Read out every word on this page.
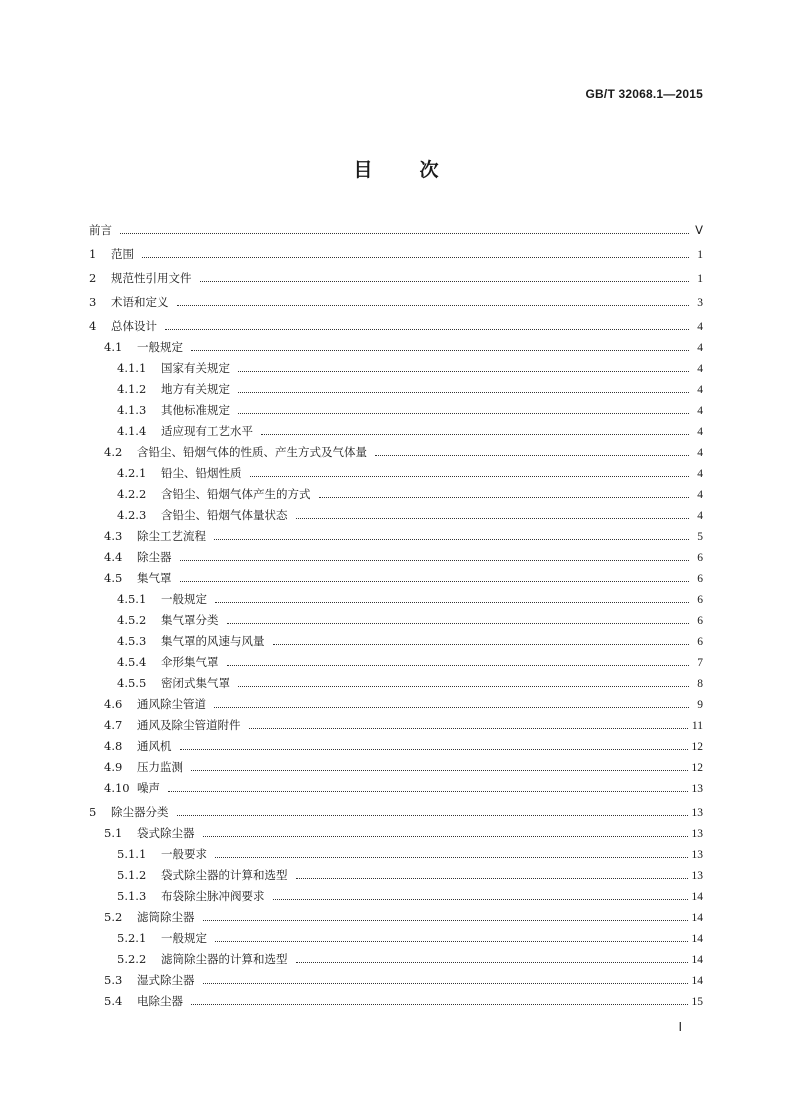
GB/T 32068.1—2015
目 次
前言	Ⅴ
1	范围	1
2	规范性引用文件	1
3	术语和定义	3
4	总体设计	4
4.1	一般规定	4
4.1.1	国家有关规定	4
4.1.2	地方有关规定	4
4.1.3	其他标准规定	4
4.1.4	适应现有工艺水平	4
4.2	含铅尘、铅烟气体的性质、产生方式及气体量	4
4.2.1	铅尘、铅烟性质	4
4.2.2	含铅尘、铅烟气体产生的方式	4
4.2.3	含铅尘、铅烟气体量状态	4
4.3	除尘工艺流程	5
4.4	除尘器	6
4.5	集气罩	6
4.5.1	一般规定	6
4.5.2	集气罩分类	6
4.5.3	集气罩的风速与风量	6
4.5.4	伞形集气罩	7
4.5.5	密闭式集气罩	8
4.6	通风除尘管道	9
4.7	通风及除尘管道附件	11
4.8	通风机	12
4.9	压力监测	12
4.10 噪声	13
5	除尘器分类	13
5.1	袋式除尘器	13
5.1.1	一般要求	13
5.1.2	袋式除尘器的计算和选型	13
5.1.3	布袋除尘脉冲阀要求	14
5.2	滤筒除尘器	14
5.2.1	一般规定	14
5.2.2	滤筒除尘器的计算和选型	14
5.3	湿式除尘器	14
5.4	电除尘器	15
Ⅰ
